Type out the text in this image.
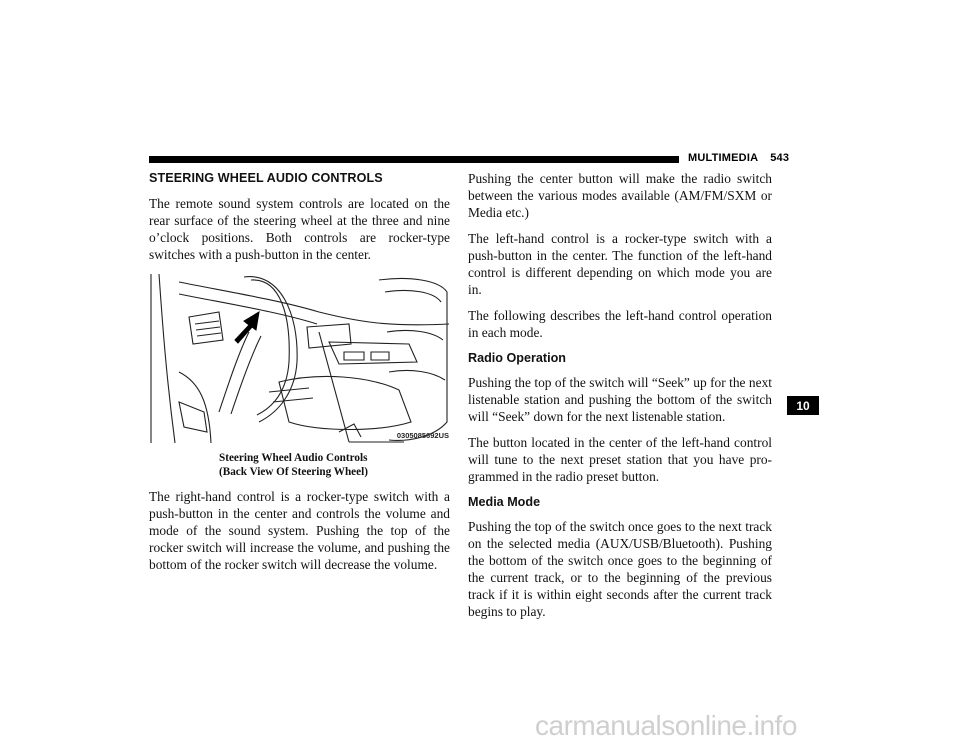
MULTIMEDIA 543
STEERING WHEEL AUDIO CONTROLS

The remote sound system controls are located on the rear surface of the steering wheel at the three and nine o’clock positions. Both controls are rocker-type switches with a push-button in the center.

0305085692US
Steering Wheel Audio Controls
(Back View Of Steering Wheel)

The right-hand control is a rocker-type switch with a push-button in the center and controls the volume and mode of the sound system. Pushing the top of the rocker switch will increase the volume, and pushing the bottom of the rocker switch will decrease the volume.

Pushing the center button will make the radio switch between the various modes available (AM/FM/SXM or Media etc.)

The left-hand control is a rocker-type switch with a push-button in the center. The function of the left-hand control is different depending on which mode you are in.

The following describes the left-hand control operation in each mode.

Radio Operation

Pushing the top of the switch will “Seek” up for the next listenable station and pushing the bottom of the switch will “Seek” down for the next listenable station.

The button located in the center of the left-hand control will tune to the next preset station that you have pro-grammed in the radio preset button.

Media Mode

Pushing the top of the switch once goes to the next track on the selected media (AUX/USB/Bluetooth). Pushing the bottom of the switch once goes to the beginning of the current track, or to the beginning of the previous track if it is within eight seconds after the current track begins to play.

10
carmanualsonline.info
